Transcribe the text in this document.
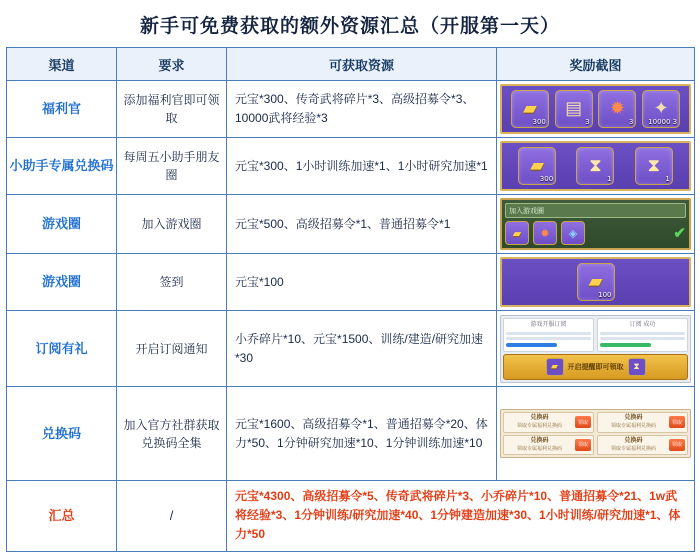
新手可免费获取的额外资源汇总（开服第一天）
渠道	要求	可获取资源	奖励截图
福利官	添加福利官即可领取	元宝*300、传奇武将碎片*3、高级招募令*3、10000武将经验*3	▰
300
▤
3
✹
3
✦
10000 3

小助手专属兑换码	每周五小助手朋友圈	元宝*300、1小时训练加速*1、1小时研究加速*1	▰
300
⧗
1
⧗
1

游戏圈	加入游戏圈	元宝*500、高级招募令*1、普通招募令*1	加入游戏圈
▰ ✹ ◈ ✔

游戏圈	签到	元宝*100	▰
100

订阅有礼	开启订阅通知	小乔碎片*10、元宝*1500、训练/建造/研究加速*30	游戏开服订阅 订阅 成功
▰ 开启提醒即可领取 ⧗

兑换码	加入官方社群获取兑换码全集	元宝*1600、高级招募令*1、普通招募令*20、体力*50、1分钟研究加速*10、1分钟训练加速*10	
兑换码
领取专属福利兑换码
领取
兑换码
领取专属福利兑换码
领取
兑换码
领取专属福利兑换码
领取
兑换码
领取专属福利兑换码
领取

汇总	/	元宝*4300、高级招募令*5、传奇武将碎片*3、小乔碎片*10、普通招募令*21、1w武将经验*3、1分钟训练/研究加速*40、1分钟建造加速*30、1小时训练/研究加速*1、体力*50	
